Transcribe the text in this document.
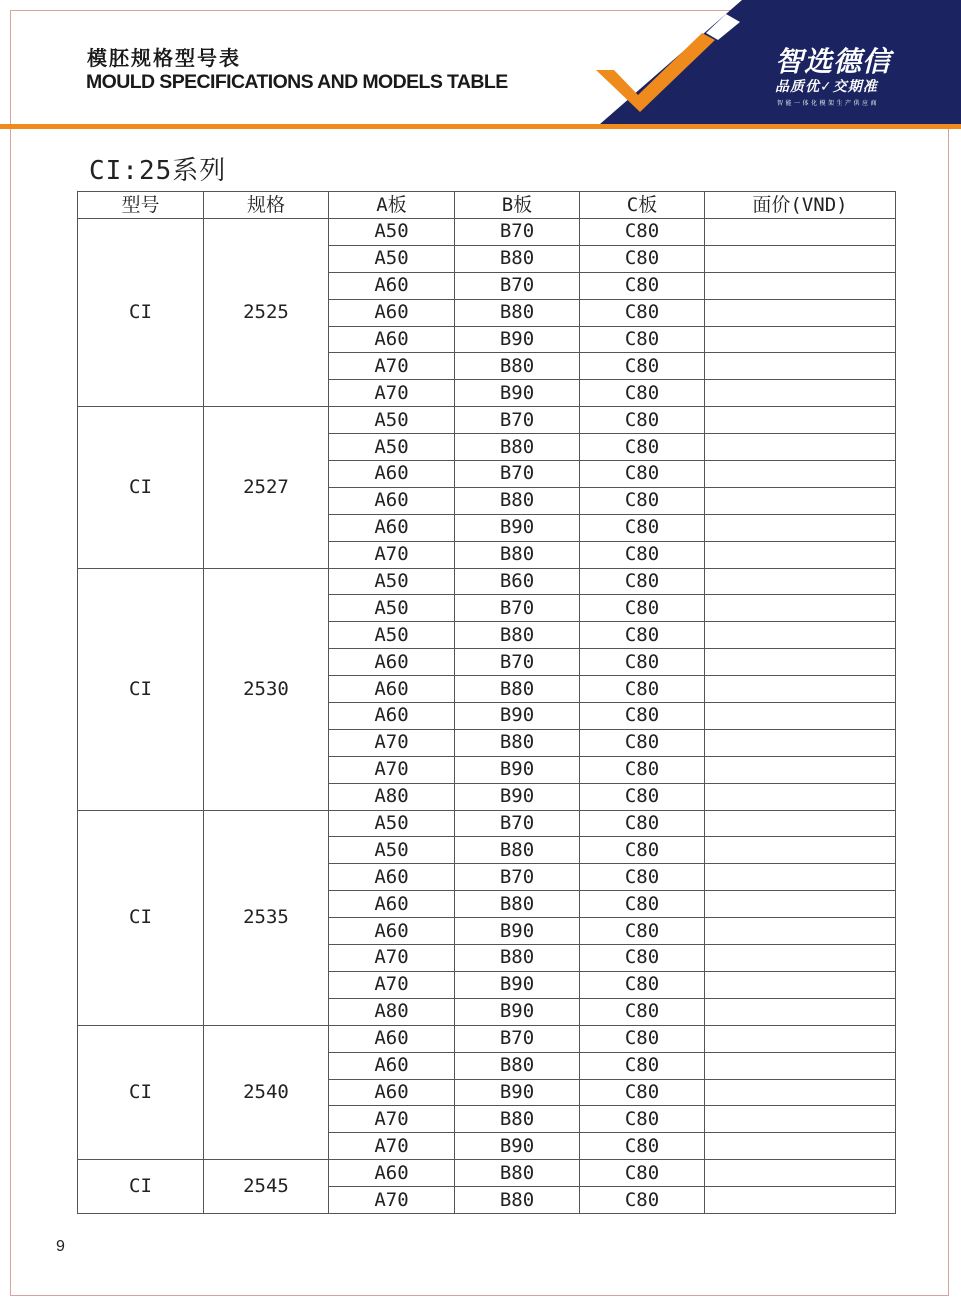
模胚规格型号表
MOULD SPECIFICATIONS AND MODELS TABLE
智选德信
品质优✓交期准
智能一体化模架生产供应商
CI:25系列
型号	规格	A板	B板	C板	面价(VND)
CI	2525	A50	B70	C80	
		A50	B80	C80	
		A60	B70	C80	
		A60	B80	C80	
		A60	B90	C80	
		A70	B80	C80	
		A70	B90	C80	
CI	2527	A50	B70	C80	
		A50	B80	C80	
		A60	B70	C80	
		A60	B80	C80	
		A60	B90	C80	
		A70	B80	C80	
CI	2530	A50	B60	C80	
		A50	B70	C80	
		A50	B80	C80	
		A60	B70	C80	
		A60	B80	C80	
		A60	B90	C80	
		A70	B80	C80	
		A70	B90	C80	
		A80	B90	C80	
CI	2535	A50	B70	C80	
		A50	B80	C80	
		A60	B70	C80	
		A60	B80	C80	
		A60	B90	C80	
		A70	B80	C80	
		A70	B90	C80	
		A80	B90	C80	
CI	2540	A60	B70	C80	
		A60	B80	C80	
		A60	B90	C80	
		A70	B80	C80	
		A70	B90	C80	
CI	2545	A60	B80	C80	
		A70	B80	C80	
9
